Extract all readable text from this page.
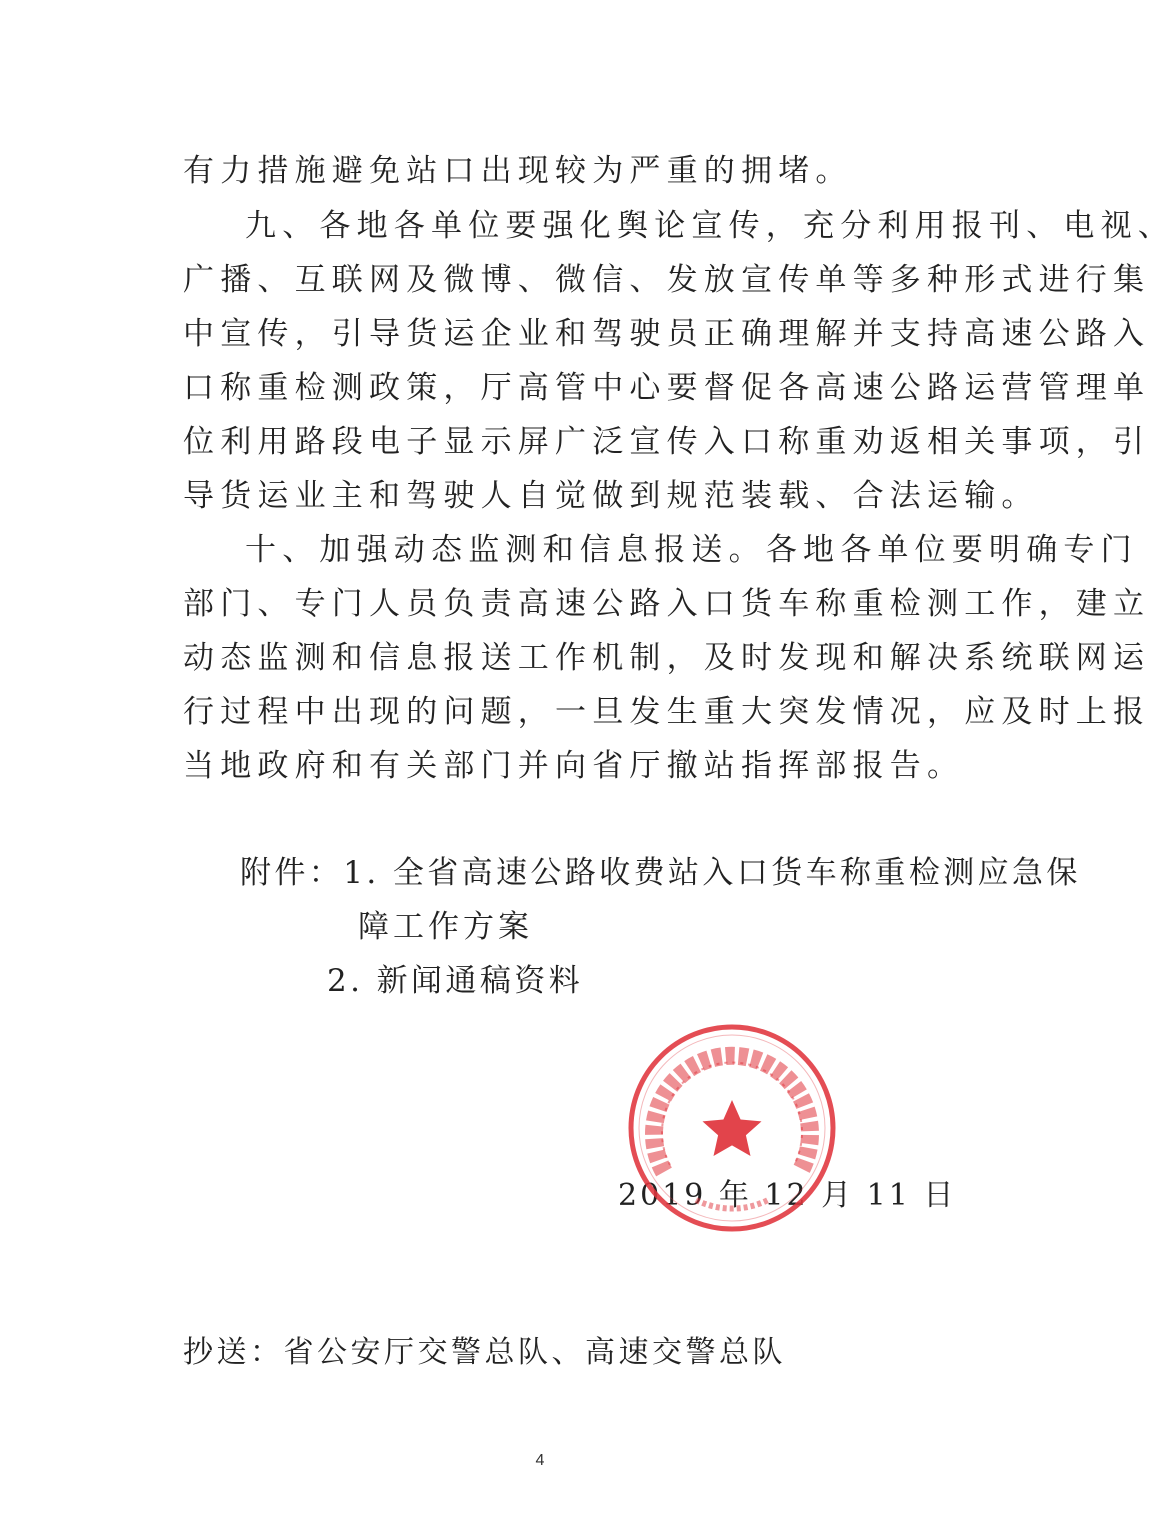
有力措施避免站口出现较为严重的拥堵。
九、各地各单位要强化舆论宣传，充分利用报刊、电视、
广播、互联网及微博、微信、发放宣传单等多种形式进行集
中宣传，引导货运企业和驾驶员正确理解并支持高速公路入
口称重检测政策，厅高管中心要督促各高速公路运营管理单
位利用路段电子显示屏广泛宣传入口称重劝返相关事项，引
导货运业主和驾驶人自觉做到规范装载、合法运输。
十、加强动态监测和信息报送。各地各单位要明确专门
部门、专门人员负责高速公路入口货车称重检测工作，建立
动态监测和信息报送工作机制，及时发现和解决系统联网运
行过程中出现的问题，一旦发生重大突发情况，应及时上报
当地政府和有关部门并向省厅撤站指挥部报告。
附件：1. 全省高速公路收费站入口货车称重检测应急保
障工作方案
2. 新闻通稿资料
2019 年 12 月 11 日
抄送：省公安厅交警总队、高速交警总队
4
